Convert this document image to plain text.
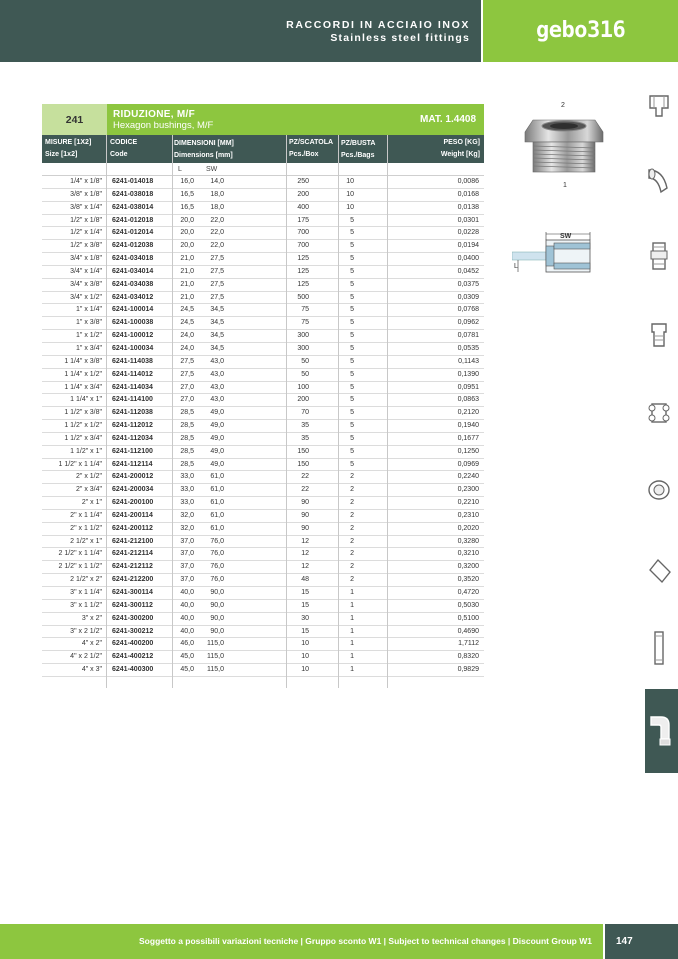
RACCORDI IN ACCIAIO INOX
Stainless steel fittings	gebo316
241	RIDUZIONE, M/F
Hexagon bushings, M/F
MAT. 1.4408
MISURE [1X2]
Size [1x2]
CODICE
Code
DIMENSIONI [MM]
Dimensions [mm]
PZ/SCATOLA
Pcs./Box
PZ/BUSTA
Pcs./Bags
PESO [KG]
Weight [Kg]
L	SW
1/4" x 1/8"	6241-014018	16,0	14,0	250	10	0,0086
3/8" x 1/8"	6241-038018	16,5	18,0	200	10	0,0168
3/8" x 1/4"	6241-038014	16,5	18,0	400	10	0,0138
1/2" x 1/8"	6241-012018	20,0	22,0	175	5	0,0301
1/2" x 1/4"	6241-012014	20,0	22,0	700	5	0,0228
1/2" x 3/8"	6241-012038	20,0	22,0	700	5	0,0194
3/4" x 1/8"	6241-034018	21,0	27,5	125	5	0,0400
3/4" x 1/4"	6241-034014	21,0	27,5	125	5	0,0452
3/4" x 3/8"	6241-034038	21,0	27,5	125	5	0,0375
3/4" x 1/2"	6241-034012	21,0	27,5	500	5	0,0309
1" x 1/4"	6241-100014	24,5	34,5	75	5	0,0768
1" x 3/8"	6241-100038	24,5	34,5	75	5	0,0962
1" x 1/2"	6241-100012	24,0	34,5	300	5	0,0781
1" x 3/4"	6241-100034	24,0	34,5	300	5	0,0535
1 1/4" x 3/8"	6241-114038	27,5	43,0	50	5	0,1143
1 1/4" x 1/2"	6241-114012	27,5	43,0	50	5	0,1390
1 1/4" x 3/4"	6241-114034	27,0	43,0	100	5	0,0951
1 1/4" x 1"	6241-114100	27,0	43,0	200	5	0,0863
1 1/2" x 3/8"	6241-112038	28,5	49,0	70	5	0,2120
1 1/2" x 1/2"	6241-112012	28,5	49,0	35	5	0,1940
1 1/2" x 3/4"	6241-112034	28,5	49,0	35	5	0,1677
1 1/2" x 1"	6241-112100	28,5	49,0	150	5	0,1250
1 1/2" x 1 1/4"	6241-112114	28,5	49,0	150	5	0,0969
2" x 1/2"	6241-200012	33,0	61,0	22	2	0,2240
2" x 3/4"	6241-200034	33,0	61,0	22	2	0,2300
2" x 1"	6241-200100	33,0	61,0	90	2	0,2210
2" x 1 1/4"	6241-200114	32,0	61,0	90	2	0,2310
2" x 1 1/2"	6241-200112	32,0	61,0	90	2	0,2020
2 1/2" x 1"	6241-212100	37,0	76,0	12	2	0,3280
2 1/2" x 1 1/4"	6241-212114	37,0	76,0	12	2	0,3210
2 1/2" x 1 1/2"	6241-212112	37,0	76,0	12	2	0,3200
2 1/2" x 2"	6241-212200	37,0	76,0	48	2	0,3520
3" x 1 1/4"	6241-300114	40,0	90,0	15	1	0,4720
3" x 1 1/2"	6241-300112	40,0	90,0	15	1	0,5030
3" x 2"	6241-300200	40,0	90,0	30	1	0,5100
3" x 2 1/2"	6241-300212	40,0	90,0	15	1	0,4690
4" x 2"	6241-400200	46,0	115,0	10	1	1,7112
4" x 2 1/2"	6241-400212	45,0	115,0	10	1	0,8320
4" x 3"	6241-400300	45,0	115,0	10	1	0,9829
2
1
SW
L
Soggetto a possibili variazioni tecniche | Gruppo sconto W1 | Subject to technical changes | Discount Group W1	147
